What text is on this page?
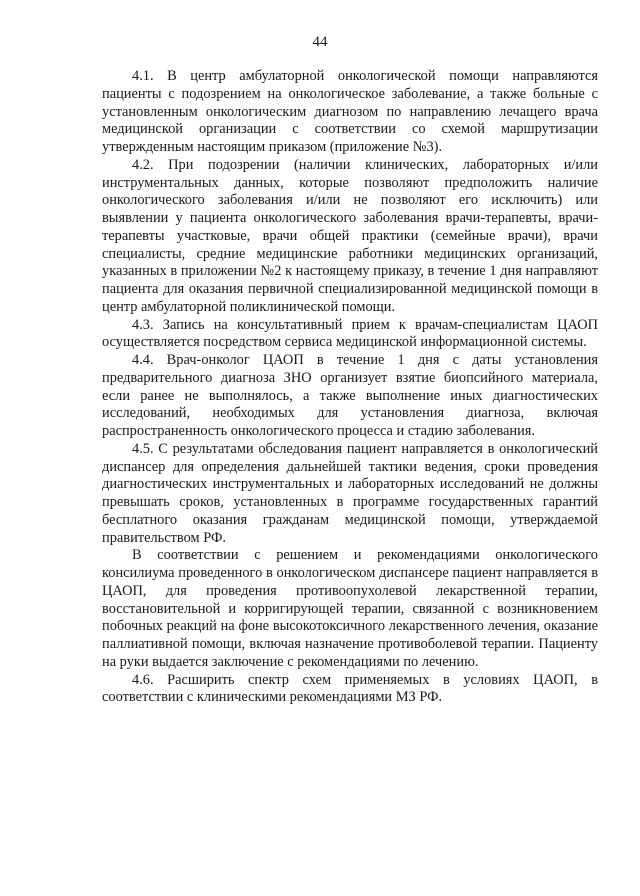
44

4.1. В центр амбулаторной онкологической помощи направляются пациенты с подозрением на онкологическое заболевание, а также больные с установленным онкологическим диагнозом по направлению лечащего врача медицинской организации с соответствии со схемой маршрутизации утвержденным настоящим приказом (приложение №3).

4.2. При подозрении (наличии клинических, лабораторных и/или инструментальных данных, которые позволяют предположить наличие онкологического заболевания и/или не позволяют его исключить) или выявлении у пациента онкологического заболевания врачи-терапевты, врачи-терапевты участковые, врачи общей практики (семейные врачи), врачи специалисты, средние медицинские работники медицинских организаций, указанных в приложении №2 к настоящему приказу, в течение 1 дня направляют пациента для оказания первичной специализированной медицинской помощи в центр амбулаторной поликлинической помощи.

4.3. Запись на консультативный прием к врачам-специалистам ЦАОП осуществляется посредством сервиса медицинской информационной системы.

4.4. Врач-онколог ЦАОП в течение 1 дня с даты установления предварительного диагноза ЗНО организует взятие биопсийного материала, если ранее не выполнялось, а также выполнение иных диагностических исследований, необходимых для установления диагноза, включая распространенность онкологического процесса и стадию заболевания.

4.5. С результатами обследования пациент направляется в онкологический диспансер для определения дальнейшей тактики ведения, сроки проведения диагностических инструментальных и лабораторных исследований не должны превышать сроков, установленных в программе государственных гарантий бесплатного оказания гражданам медицинской помощи, утверждаемой правительством РФ.

В соответствии с решением и рекомендациями онкологического консилиума проведенного в онкологическом диспансере пациент направляется в ЦАОП, для проведения противоопухолевой лекарственной терапии, восстановительной и корригирующей терапии, связанной с возникновением побочных реакций на фоне высокотоксичного лекарственного лечения, оказание паллиативной помощи, включая назначение противоболевой терапии. Пациенту на руки выдается заключение с рекомендациями по лечению.

4.6. Расширить спектр схем применяемых в условиях ЦАОП, в соответствии с клиническими рекомендациями МЗ РФ.
